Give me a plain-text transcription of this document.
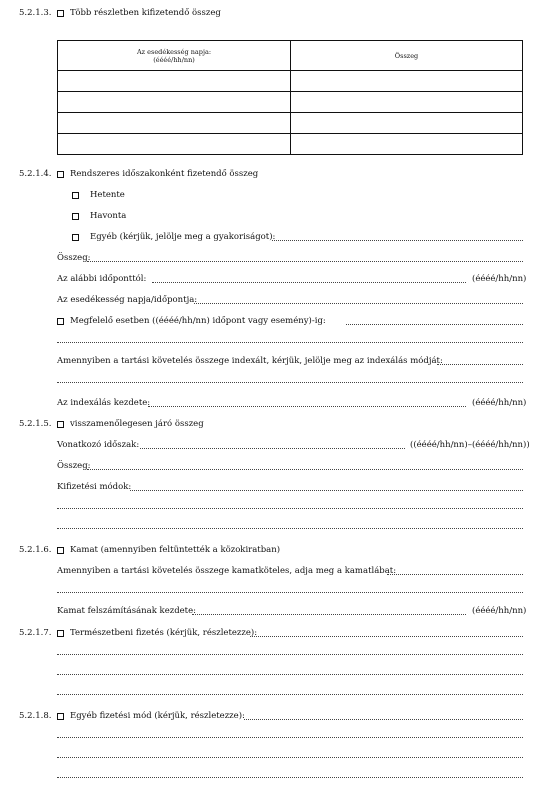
5.2.1.3. Több részletben kifizetendő összeg
Az esedékesség napja:
(éééé/hh/nn)	Összeg

5.2.1.4. Rendszeres időszakonként fizetendő összeg
Hetente
Havonta
Egyéb (kérjük, jelölje meg a gyakoriságot):
Összeg:
Az alábbi időponttól:	(éééé/hh/nn)
Az esedékesség napja/időpontja:
Megfelelő esetben ((éééé/hh/nn) időpont vagy esemény)-ig:
Amennyiben a tartási követelés összege indexált, kérjük, jelölje meg az indexálás módját:
Az indexálás kezdete:	(éééé/hh/nn)
5.2.1.5. visszamenőlegesen járó összeg
Vonatkozó időszak:	((éééé/hh/nn)–(éééé/hh/nn))
Összeg:
Kifizetési módok:
5.2.1.6. Kamat (amennyiben feltüntették a közokiratban)
Amennyiben a tartási követelés összege kamatköteles, adja meg a kamatlábat:
Kamat felszámításának kezdete:	(éééé/hh/nn)
5.2.1.7. Természetbeni fizetés (kérjük, részletezze):
5.2.1.8. Egyéb fizetési mód (kérjük, részletezze):
